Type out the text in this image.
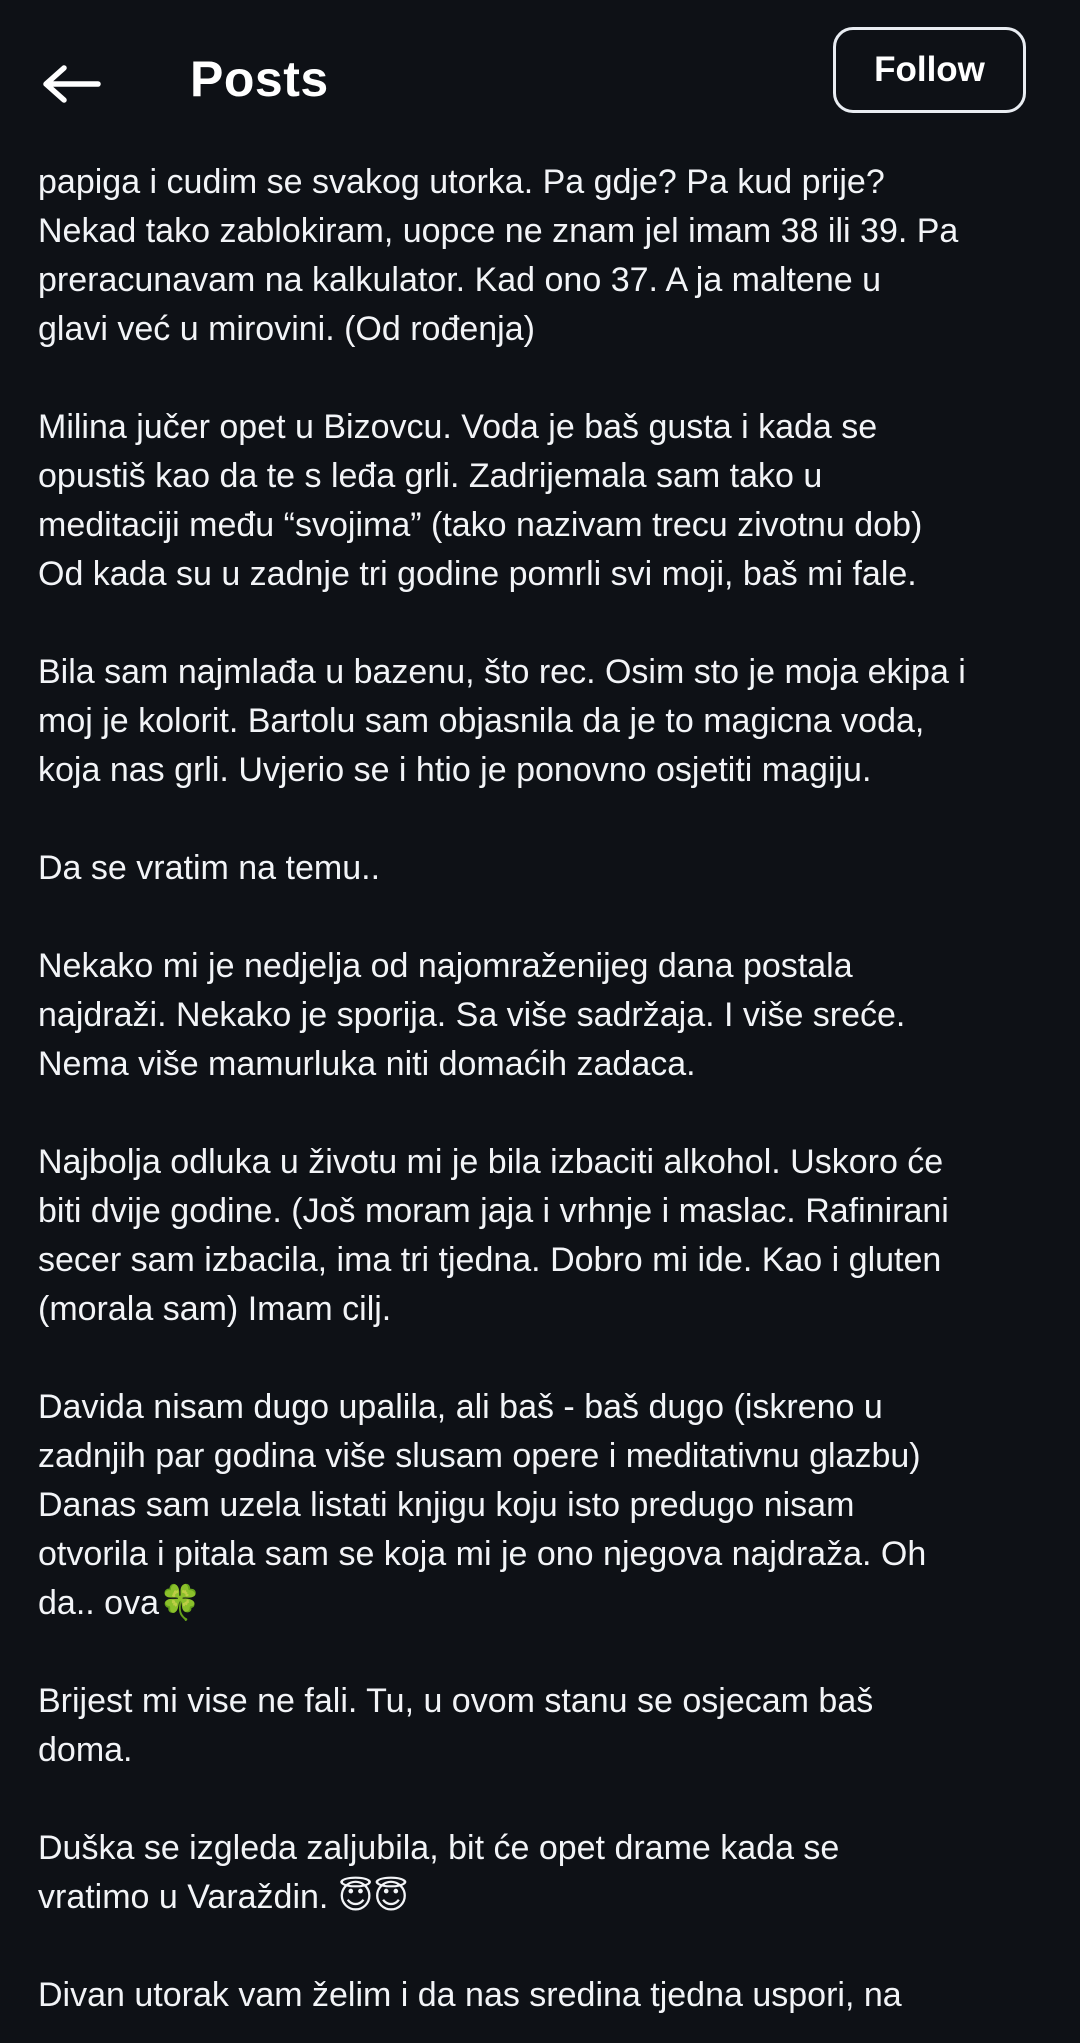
Posts	Follow

papiga i cudim se svakog utorka. Pa gdje? Pa kud prije?
Nekad tako zablokiram, uopce ne znam jel imam 38 ili 39. Pa
preracunavam na kalkulator. Kad ono 37. A ja maltene u
glavi već u mirovini. (Od rođenja)

Milina jučer opet u Bizovcu. Voda je baš gusta i kada se
opustiš kao da te s leđa grli. Zadrijemala sam tako u
meditaciji među “svojima” (tako nazivam trecu zivotnu dob)
Od kada su u zadnje tri godine pomrli svi moji, baš mi fale.

Bila sam najmlađa u bazenu, što rec. Osim sto je moja ekipa i
moj je kolorit. Bartolu sam objasnila da je to magicna voda,
koja nas grli. Uvjerio se i htio je ponovno osjetiti magiju.

Da se vratim na temu..

Nekako mi je nedjelja od najomraženijeg dana postala
najdraži. Nekako je sporija. Sa više sadržaja. I više sreće.
Nema više mamurluka niti domaćih zadaca.

Najbolja odluka u životu mi je bila izbaciti alkohol. Uskoro će
biti dvije godine. (Još moram jaja i vrhnje i maslac. Rafinirani
secer sam izbacila, ima tri tjedna. Dobro mi ide. Kao i gluten
(morala sam) Imam cilj.

Davida nisam dugo upalila, ali baš - baš dugo (iskreno u
zadnjih par godina više slusam opere i meditativnu glazbu)
Danas sam uzela listati knjigu koju isto predugo nisam
otvorila i pitala sam se koja mi je ono njegova najdraža. Oh
da.. ova🍀

Brijest mi vise ne fali. Tu, u ovom stanu se osjecam baš
doma.

Duška se izgleda zaljubila, bit će opet drame kada se
vratimo u Varaždin. 😇😇

Divan utorak vam želim i da nas sredina tjedna uspori, na
